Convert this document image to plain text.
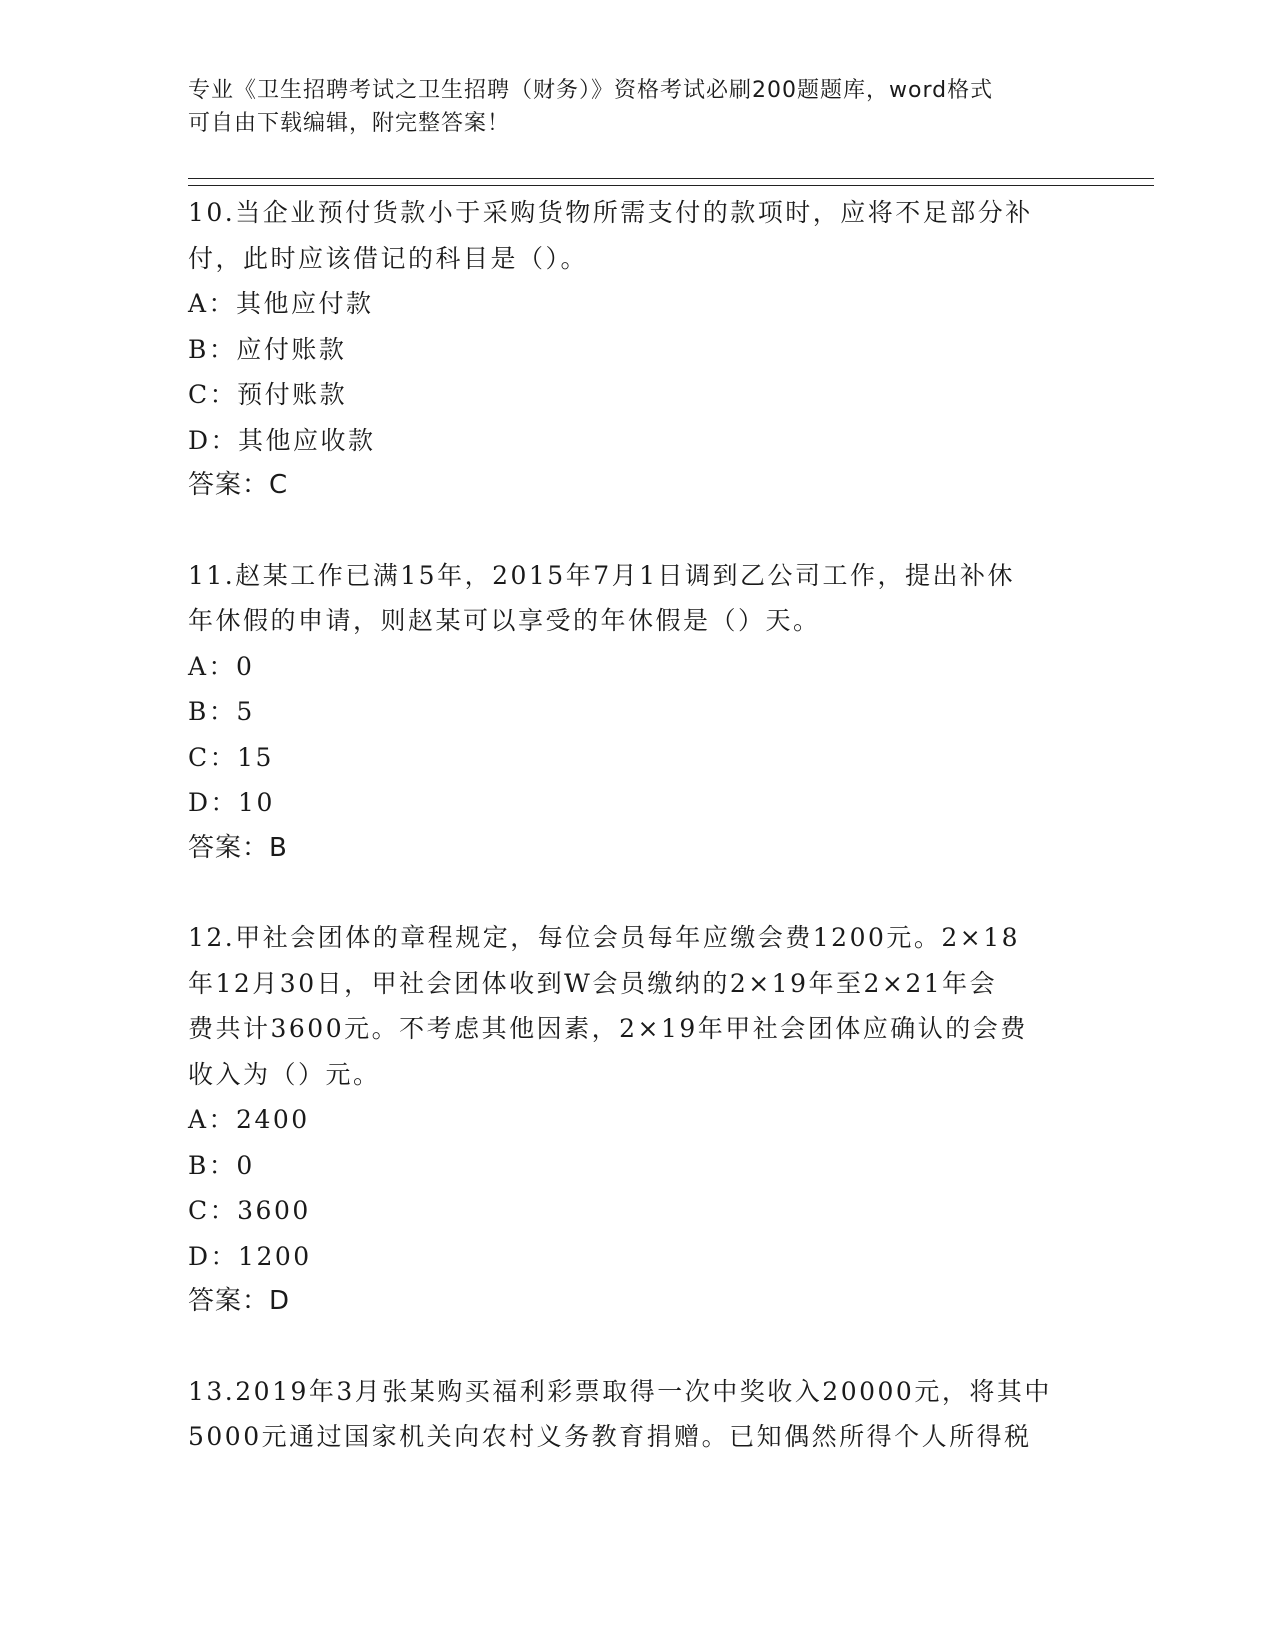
专业《卫生招聘考试之卫生招聘（财务）》资格考试必刷200题题库，word格式
可自由下载编辑，附完整答案！
10.当企业预付货款小于采购货物所需支付的款项时，应将不足部分补
付，此时应该借记的科目是（）。
A：其他应付款
B：应付账款
C：预付账款
D：其他应收款
答案：C
11.赵某工作已满15年，2015年7月1日调到乙公司工作，提出补休
年休假的申请，则赵某可以享受的年休假是（）天。
A：0
B：5
C：15
D：10
答案：B
12.甲社会团体的章程规定，每位会员每年应缴会费1200元。2×18
年12月30日，甲社会团体收到W会员缴纳的2×19年至2×21年会
费共计3600元。不考虑其他因素，2×19年甲社会团体应确认的会费
收入为（）元。
A：2400
B：0
C：3600
D：1200
答案：D
13.2019年3月张某购买福利彩票取得一次中奖收入20000元，将其中
5000元通过国家机关向农村义务教育捐赠。已知偶然所得个人所得税
